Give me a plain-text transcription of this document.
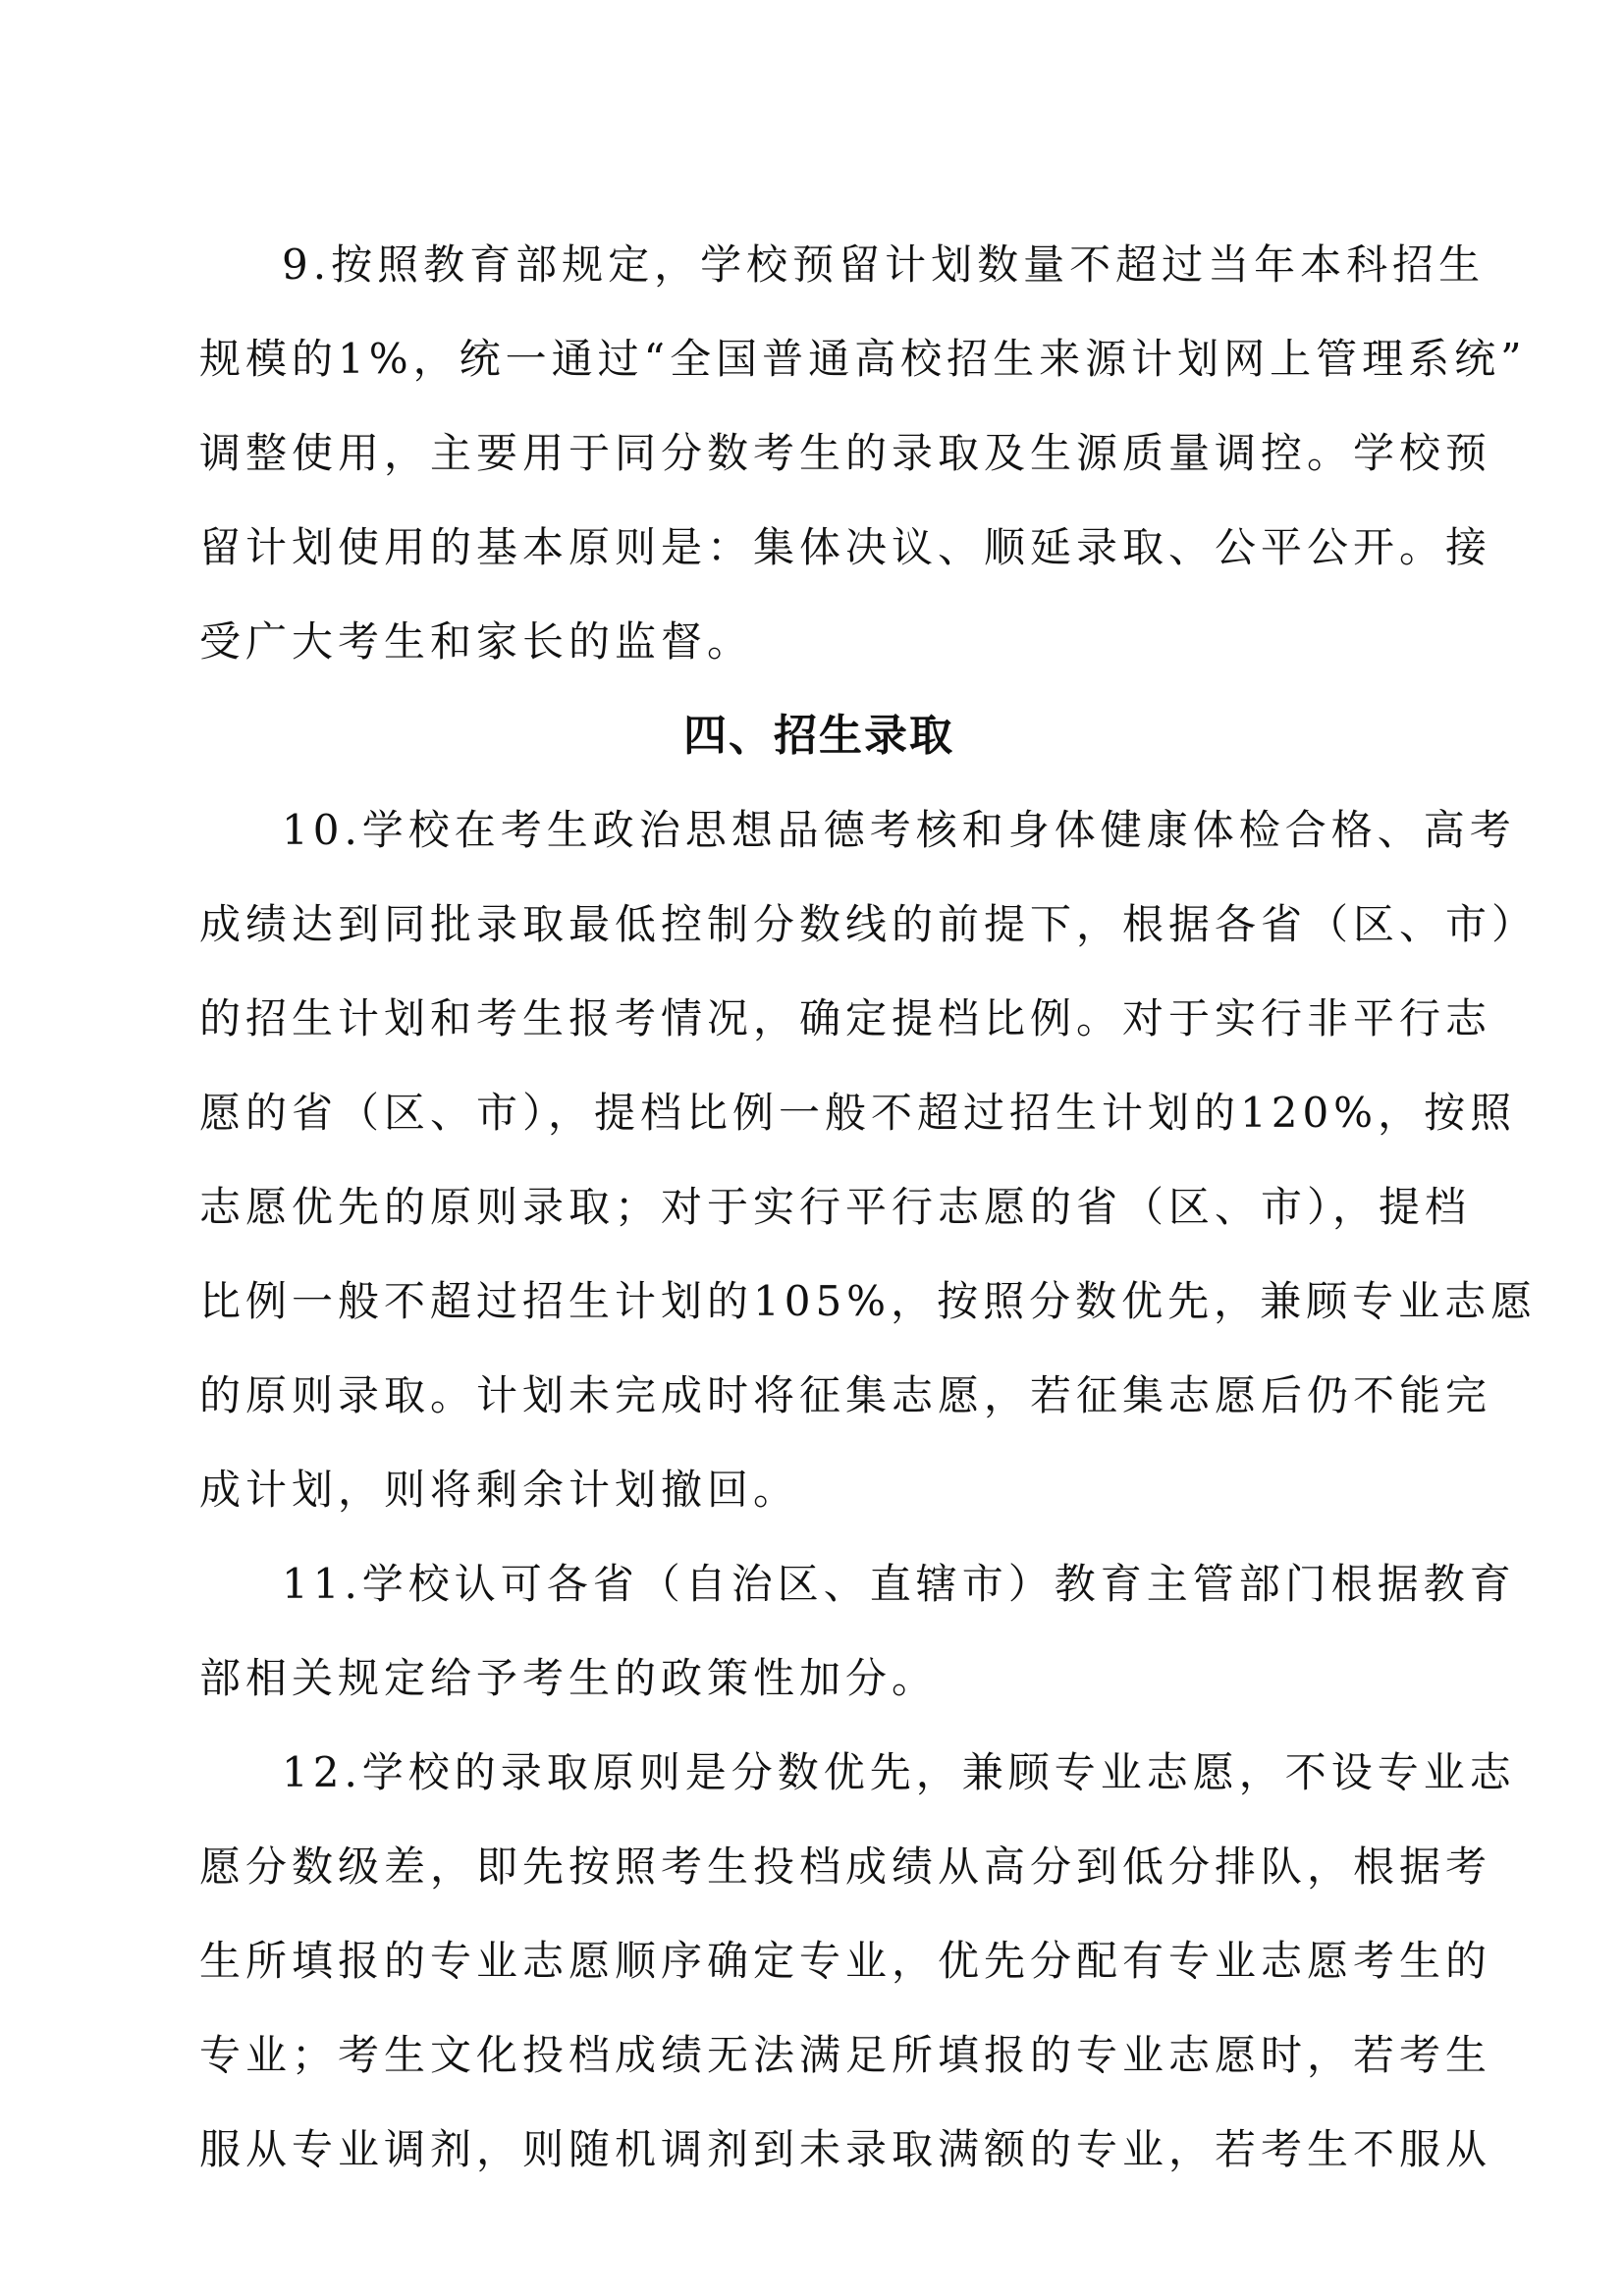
9.按照教育部规定，学校预留计划数量不超过当年本科招生
规模的1%，统一通过“全国普通高校招生来源计划网上管理系统”
调整使用，主要用于同分数考生的录取及生源质量调控。学校预
留计划使用的基本原则是：集体决议、顺延录取、公平公开。接
受广大考生和家长的监督。
四、招生录取
10.学校在考生政治思想品德考核和身体健康体检合格、高考
成绩达到同批录取最低控制分数线的前提下，根据各省（区、市）
的招生计划和考生报考情况，确定提档比例。对于实行非平行志
愿的省（区、市），提档比例一般不超过招生计划的120%，按照
志愿优先的原则录取；对于实行平行志愿的省（区、市），提档
比例一般不超过招生计划的105%，按照分数优先，兼顾专业志愿
的原则录取。计划未完成时将征集志愿，若征集志愿后仍不能完
成计划，则将剩余计划撤回。
11.学校认可各省（自治区、直辖市）教育主管部门根据教育
部相关规定给予考生的政策性加分。
12.学校的录取原则是分数优先，兼顾专业志愿，不设专业志
愿分数级差，即先按照考生投档成绩从高分到低分排队，根据考
生所填报的专业志愿顺序确定专业，优先分配有专业志愿考生的
专业；考生文化投档成绩无法满足所填报的专业志愿时，若考生
服从专业调剂，则随机调剂到未录取满额的专业，若考生不服从
